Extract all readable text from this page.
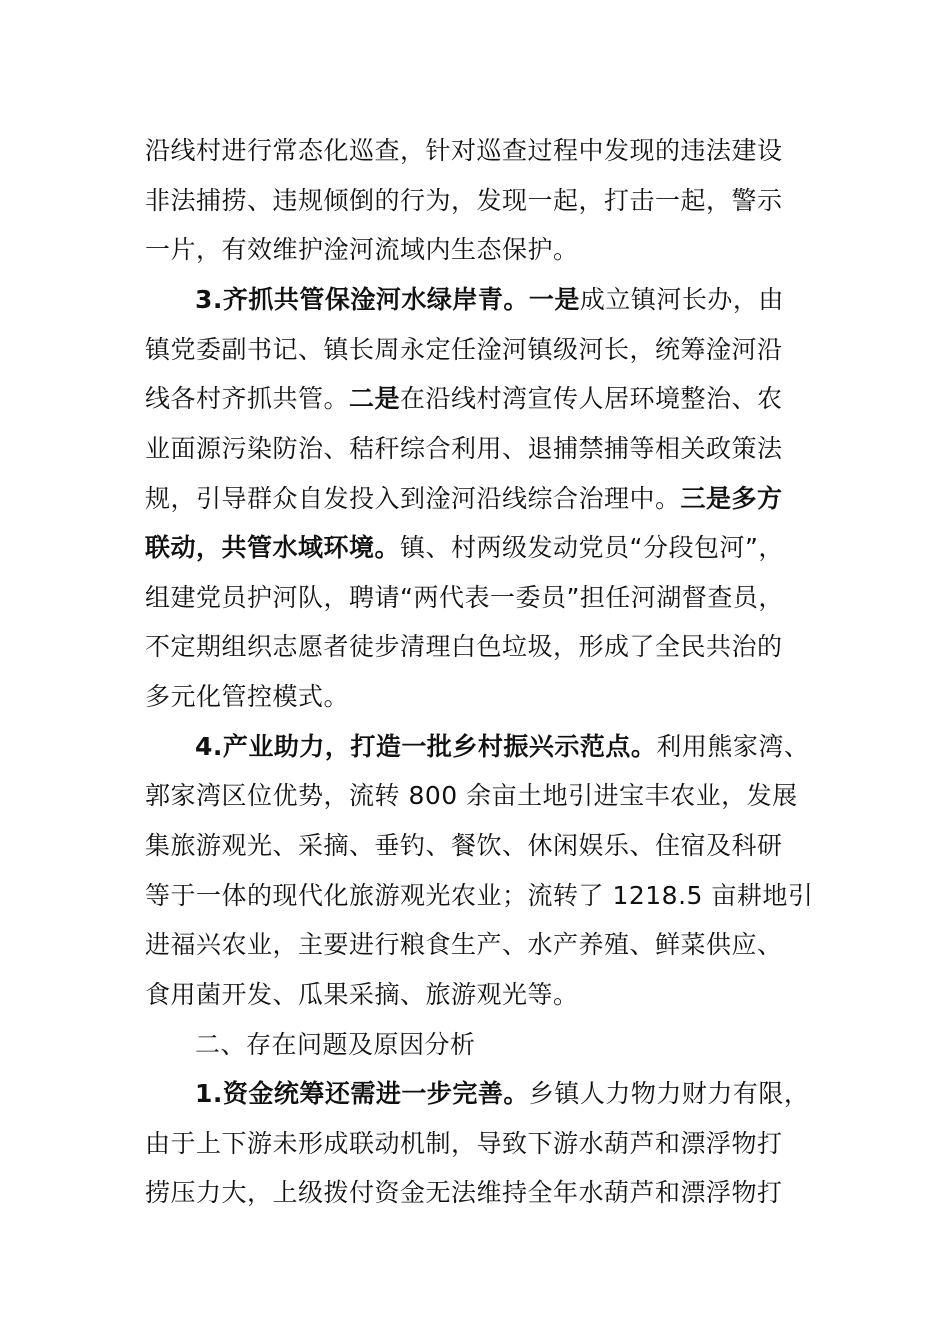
沿线村进行常态化巡查，针对巡查过程中发现的违法建设
非法捕捞、违规倾倒的行为，发现一起，打击一起，警示
一片，有效维护淦河流域内生态保护。
3.齐抓共管保淦河水绿岸青。一是成立镇河长办，由
镇党委副书记、镇长周永定任淦河镇级河长，统筹淦河沿
线各村齐抓共管。二是在沿线村湾宣传人居环境整治、农
业面源污染防治、秸秆综合利用、退捕禁捕等相关政策法
规，引导群众自发投入到淦河沿线综合治理中。三是多方
联动，共管水域环境。镇、村两级发动党员“分段包河”，
组建党员护河队，聘请“两代表一委员”担任河湖督查员，
不定期组织志愿者徒步清理白色垃圾，形成了全民共治的
多元化管控模式。
4.产业助力，打造一批乡村振兴示范点。利用熊家湾、
郭家湾区位优势，流转 800 余亩土地引进宝丰农业，发展
集旅游观光、采摘、垂钓、餐饮、休闲娱乐、住宿及科研
等于一体的现代化旅游观光农业；流转了 1218.5 亩耕地引
进福兴农业，主要进行粮食生产、水产养殖、鲜菜供应、
食用菌开发、瓜果采摘、旅游观光等。
二、存在问题及原因分析
1.资金统筹还需进一步完善。乡镇人力物力财力有限，
由于上下游未形成联动机制，导致下游水葫芦和漂浮物打
捞压力大，上级拨付资金无法维持全年水葫芦和漂浮物打
